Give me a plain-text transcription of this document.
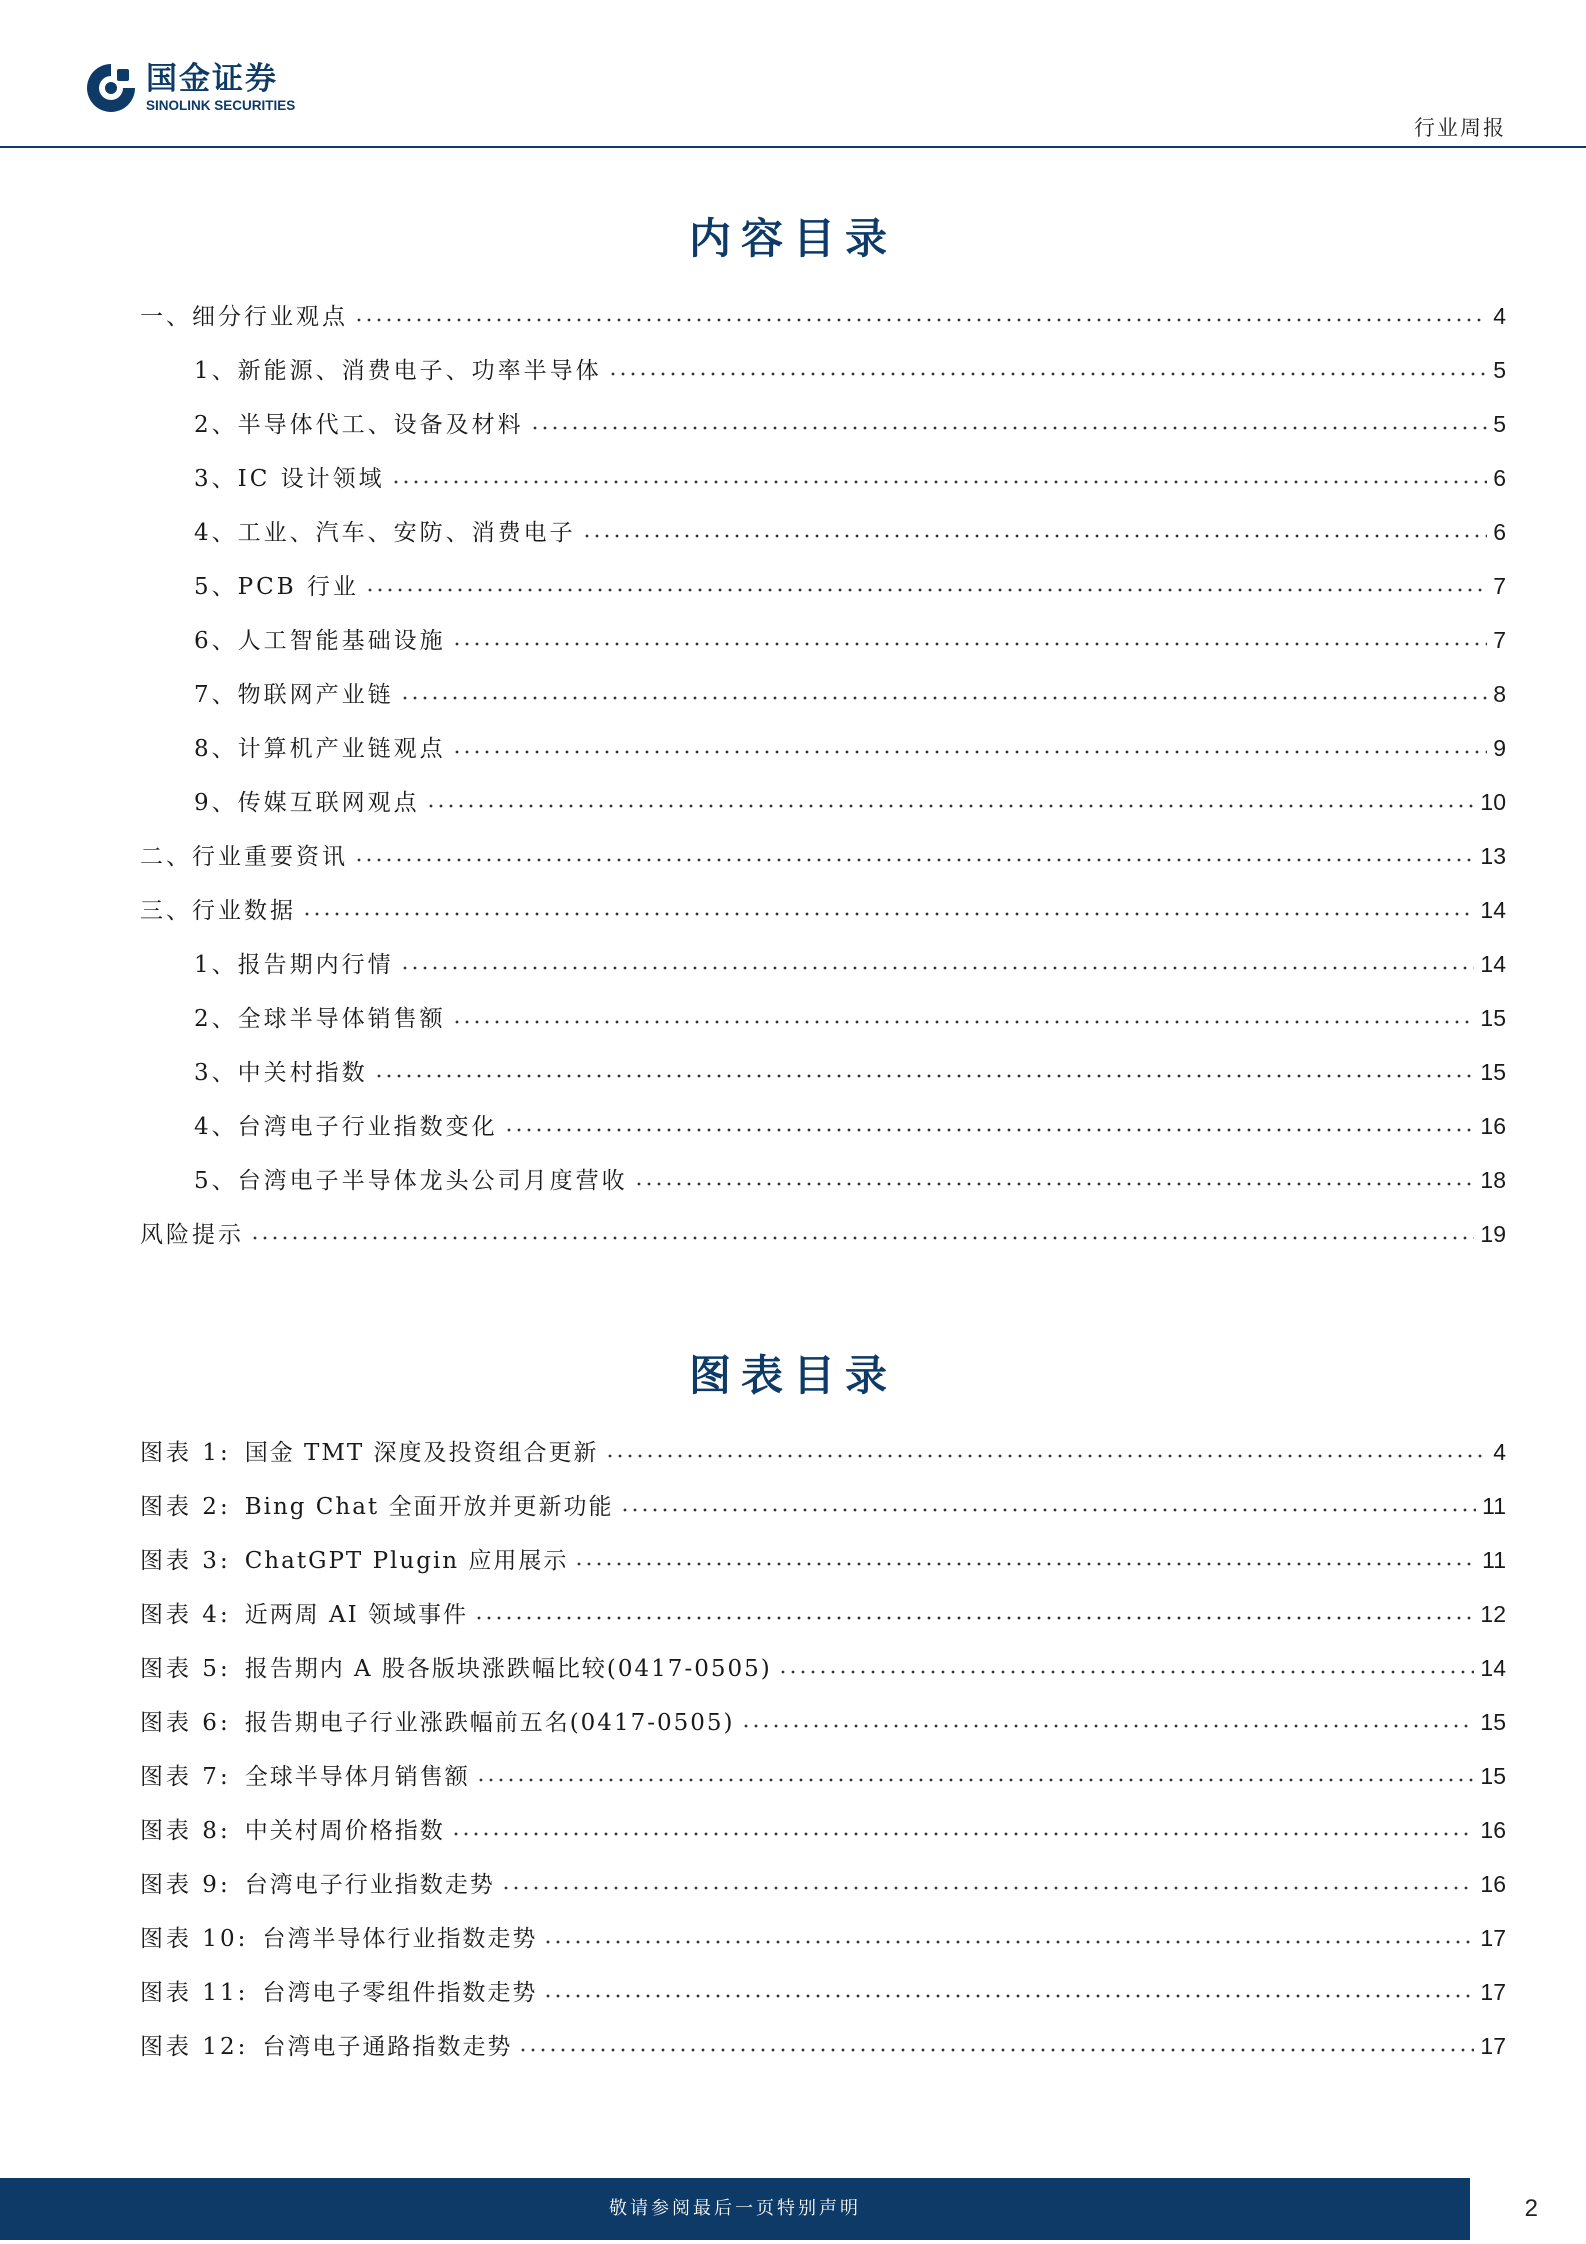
国金证券
SINOLINK SECURITIES
行业周报
内容目录
一、细分行业观点	4
1、新能源、消费电子、功率半导体	5
2、半导体代工、设备及材料	5
3、IC 设计领域	6
4、工业、汽车、安防、消费电子	6
5、PCB 行业	7
6、人工智能基础设施	7
7、物联网产业链	8
8、计算机产业链观点	9
9、传媒互联网观点	10
二、行业重要资讯	13
三、行业数据	14
1、报告期内行情	14
2、全球半导体销售额	15
3、中关村指数	15
4、台湾电子行业指数变化	16
5、台湾电子半导体龙头公司月度营收	18
风险提示	19
图表目录
图表 1: 国金 TMT 深度及投资组合更新	4
图表 2: Bing Chat 全面开放并更新功能	11
图表 3: ChatGPT Plugin 应用展示	11
图表 4: 近两周 AI 领域事件	12
图表 5: 报告期内 A 股各版块涨跌幅比较(0417-0505)	14
图表 6: 报告期电子行业涨跌幅前五名(0417-0505)	15
图表 7: 全球半导体月销售额	15
图表 8: 中关村周价格指数	16
图表 9: 台湾电子行业指数走势	16
图表 10: 台湾半导体行业指数走势	17
图表 11: 台湾电子零组件指数走势	17
图表 12: 台湾电子通路指数走势	17
敬请参阅最后一页特别声明	2
